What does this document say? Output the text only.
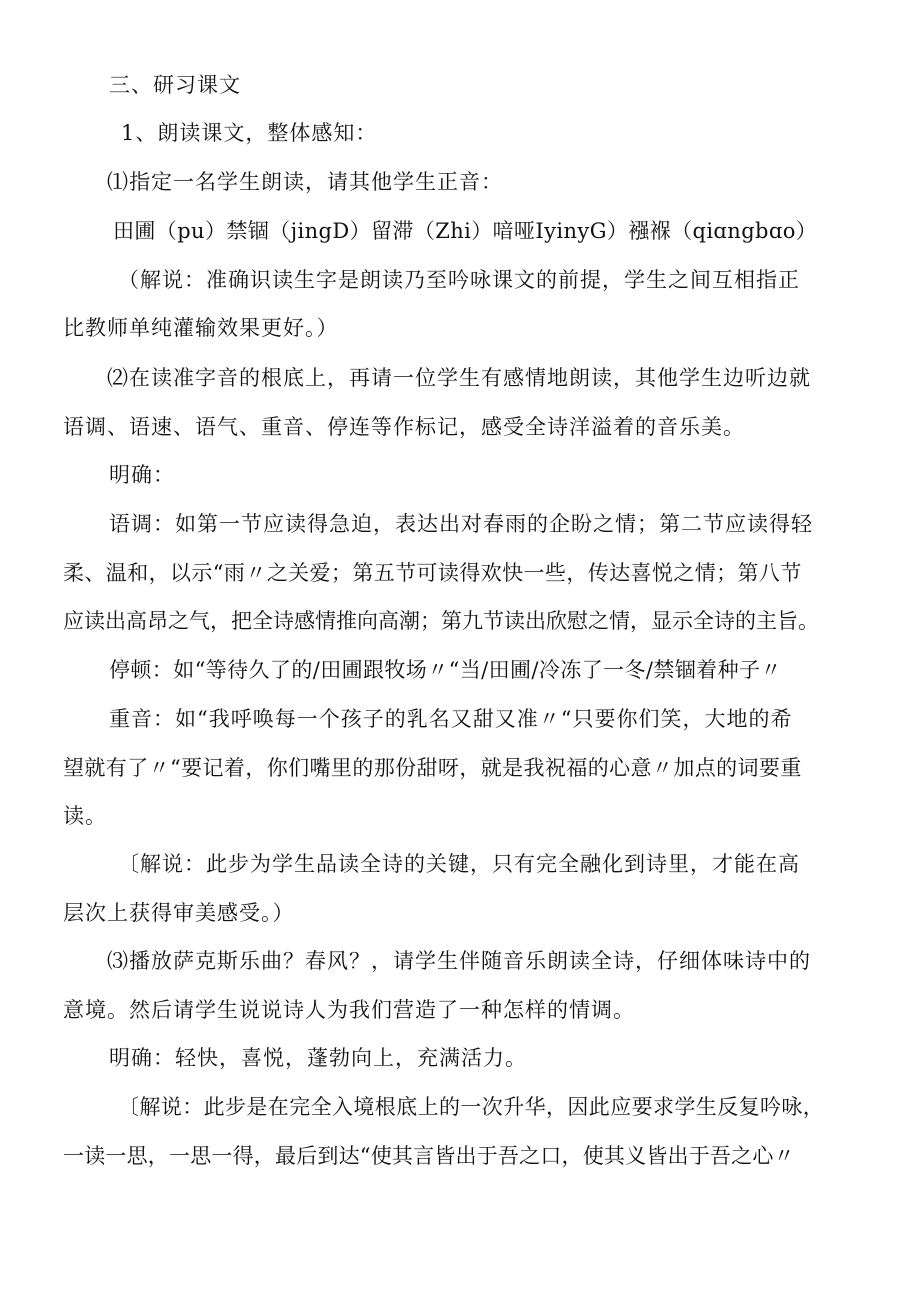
三、研习课文
1、朗读课文，整体感知：
⑴指定一名学生朗读，请其他学生正音：
田圃（pu）禁锢（jingD）留滞（Zhi）喑哑IyinyG）襁褓（qiɑngbɑo）
（解说：准确识读生字是朗读乃至吟咏课文的前提，学生之间互相指正
比教师单纯灌输效果更好。）
⑵在读准字音的根底上，再请一位学生有感情地朗读，其他学生边听边就
语调、语速、语气、重音、停连等作标记，感受全诗洋溢着的音乐美。
明确：
语调：如第一节应读得急迫，表达出对春雨的企盼之情；第二节应读得轻
柔、温和，以示“雨〃之关爱；第五节可读得欢快一些，传达喜悦之情；第八节
应读出高昂之气，把全诗感情推向高潮；第九节读出欣慰之情，显示全诗的主旨。
停顿：如“等待久了的/田圃跟牧场〃“当/田圃/冷冻了一冬/禁锢着种子〃
重音：如“我呼唤每一个孩子的乳名又甜又准〃“只要你们笑，大地的希
望就有了〃“要记着，你们嘴里的那份甜呀，就是我祝福的心意〃加点的词要重
读。
〔解说：此步为学生品读全诗的关键，只有完全融化到诗里，才能在高
层次上获得审美感受。）
⑶播放萨克斯乐曲？春风？，请学生伴随音乐朗读全诗，仔细体味诗中的
意境。然后请学生说说诗人为我们营造了一种怎样的情调。
明确：轻快，喜悦，蓬勃向上，充满活力。
〔解说：此步是在完全入境根底上的一次升华，因此应要求学生反复吟咏，
一读一思，一思一得，最后到达“使其言皆出于吾之口，使其义皆出于吾之心〃
